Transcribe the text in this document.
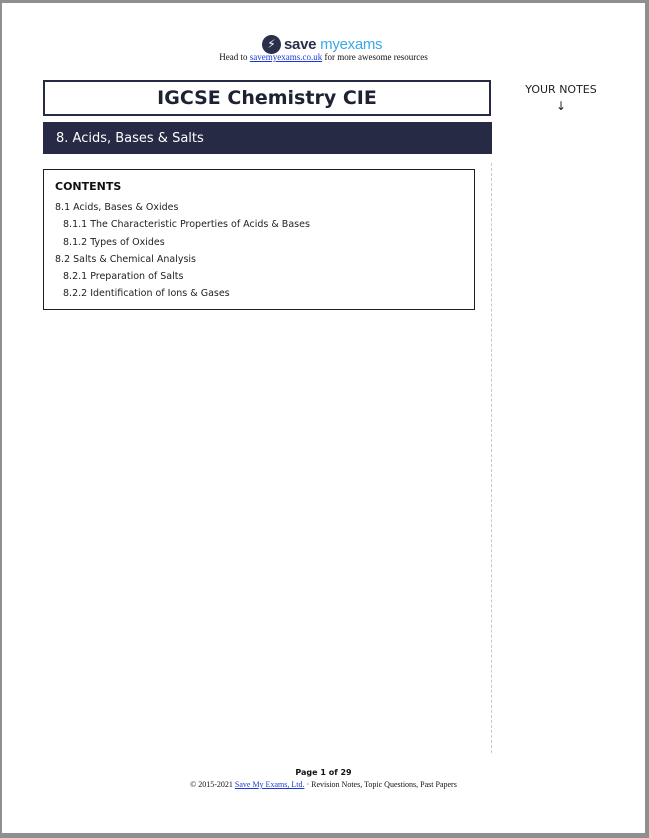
⚡ save myexams
Head to savemyexams.co.uk for more awesome resources
IGCSE Chemistry CIE
8. Acids, Bases & Salts
YOUR NOTES
↓
CONTENTS
8.1 Acids, Bases & Oxides
8.1.1 The Characteristic Properties of Acids & Bases
8.1.2 Types of Oxides
8.2 Salts & Chemical Analysis
8.2.1 Preparation of Salts
8.2.2 Identification of Ions & Gases
Page 1 of 29
© 2015-2021 Save My Exams, Ltd. · Revision Notes, Topic Questions, Past Papers
